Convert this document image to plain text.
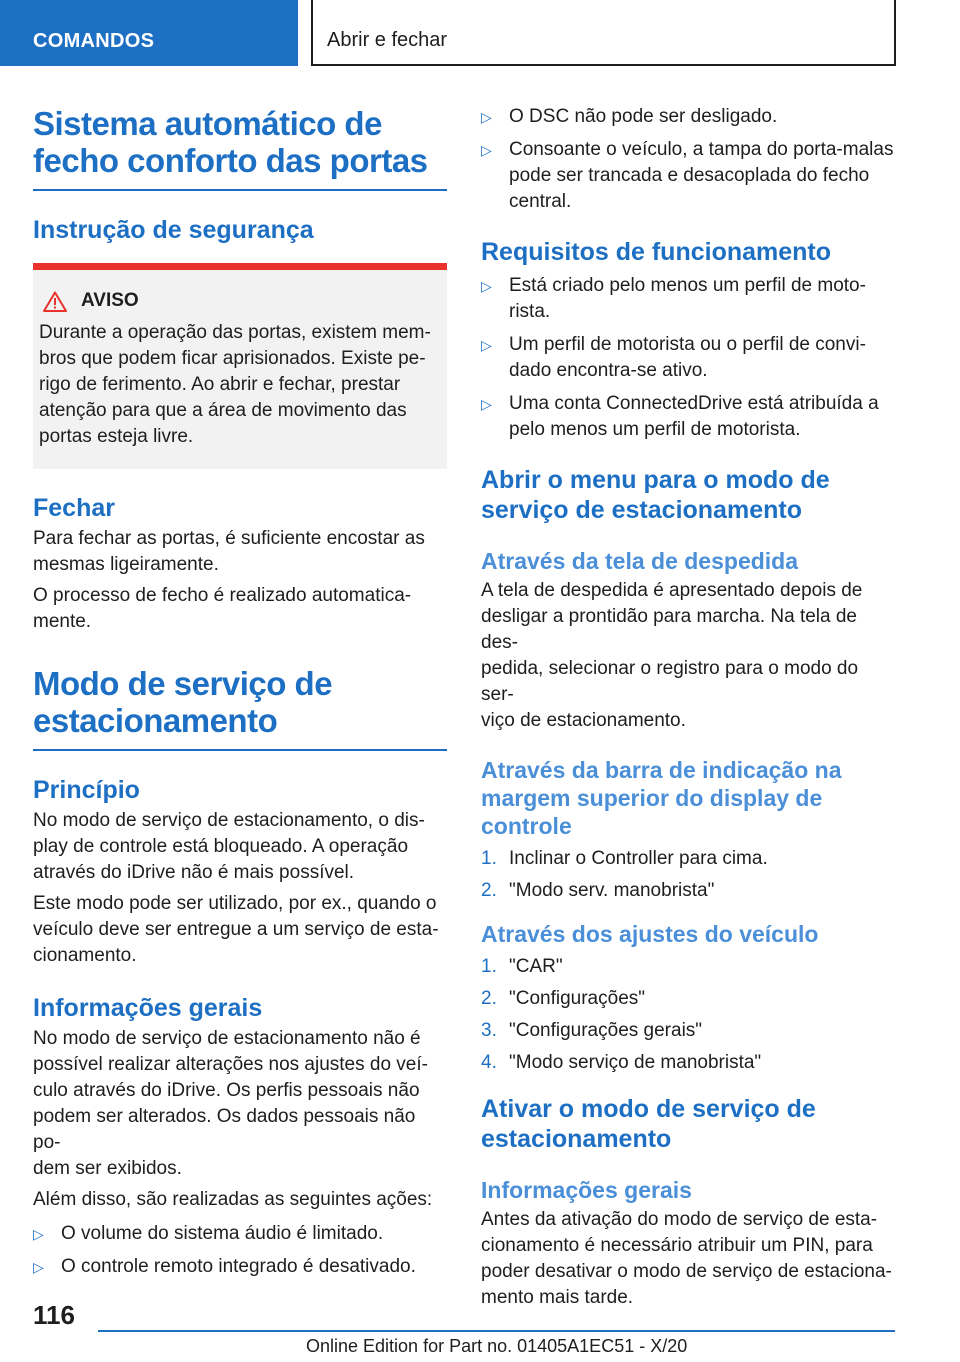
COMANDOS	Abrir e fechar
Sistema automático de
fecho conforto das portas
Instrução de segurança
AVISO

Durante a operação das portas, existem mem-
bros que podem ficar aprisionados. Existe pe-
rigo de ferimento. Ao abrir e fechar, prestar
atenção para que a área de movimento das
portas esteja livre.

Fechar

Para fechar as portas, é suficiente encostar as
mesmas ligeiramente.

O processo de fecho é realizado automatica-
mente.

Modo de serviço de
estacionamento
Princípio

No modo de serviço de estacionamento, o dis-
play de controle está bloqueado. A operação
através do iDrive não é mais possível.

Este modo pode ser utilizado, por ex., quando o
veículo deve ser entregue a um serviço de esta-
cionamento.

Informações gerais

No modo de serviço de estacionamento não é
possível realizar alterações nos ajustes do veí-
culo através do iDrive. Os perfis pessoais não
podem ser alterados. Os dados pessoais não po-
dem ser exibidos.

Além disso, são realizadas as seguintes ações:

▷ O volume do sistema áudio é limitado.
▷ O controle remoto integrado é desativado.
▷ O DSC não pode ser desligado.
▷ Consoante o veículo, a tampa do porta-malas
pode ser trancada e desacoplada do fecho
central.
Requisitos de funcionamento
▷ Está criado pelo menos um perfil de moto-
rista.
▷ Um perfil de motorista ou o perfil de convi-
dado encontra-se ativo.
▷ Uma conta ConnectedDrive está atribuída a
pelo menos um perfil de motorista.
Abrir o menu para o modo de
serviço de estacionamento
Através da tela de despedida

A tela de despedida é apresentado depois de
desligar a prontidão para marcha. Na tela de des-
pedida, selecionar o registro para o modo do ser-
viço de estacionamento.

Através da barra de indicação na
margem superior do display de
controle
1. Inclinar o Controller para cima.
2. "Modo serv. manobrista"
Através dos ajustes do veículo
1. "CAR"
2. "Configurações"
3. "Configurações gerais"
4. "Modo serviço de manobrista"
Ativar o modo de serviço de
estacionamento
Informações gerais

Antes da ativação do modo de serviço de esta-
cionamento é necessário atribuir um PIN, para
poder desativar o modo de serviço de estaciona-
mento mais tarde.

116
Online Edition for Part no. 01405A1EC51 - X/20
